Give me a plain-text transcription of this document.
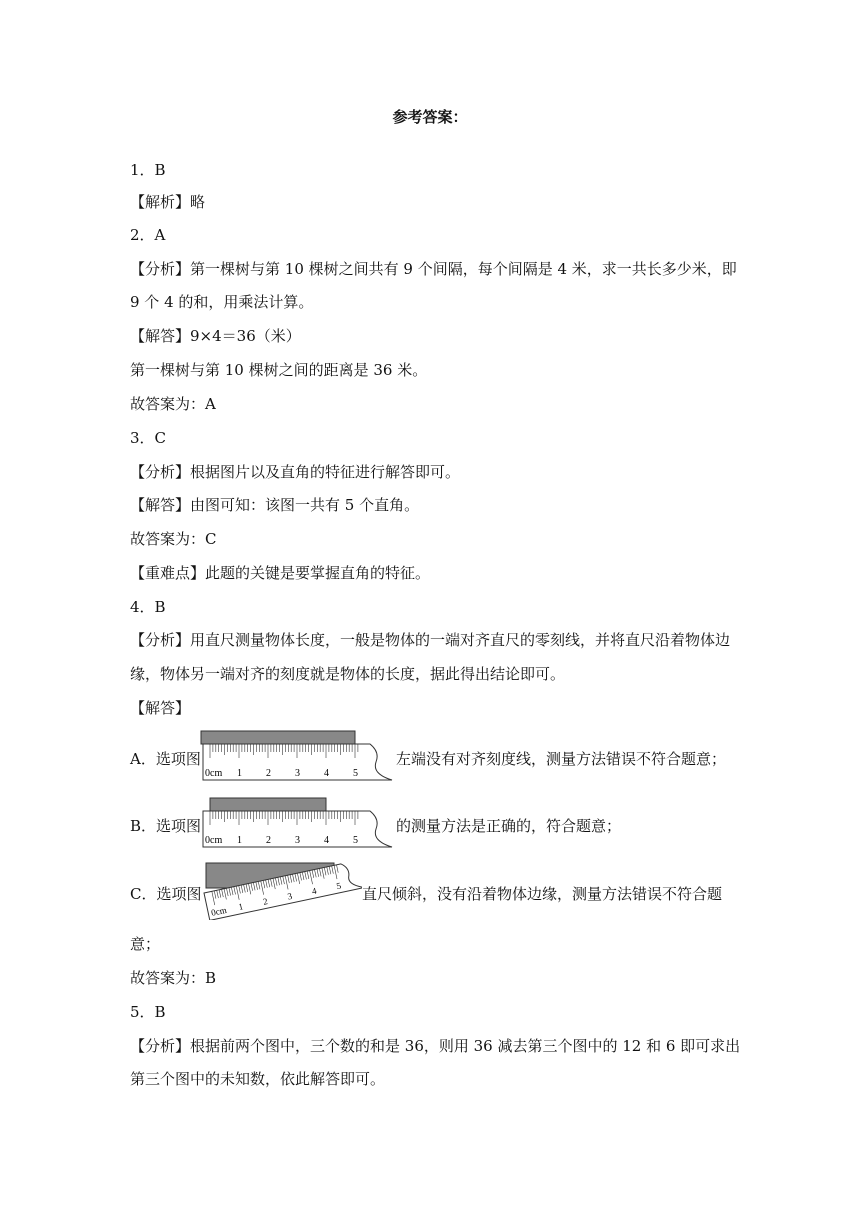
参考答案：
1．B
【解析】略
2．A
【分析】第一棵树与第 10 棵树之间共有 9 个间隔，每个间隔是 4 米，求一共长多少米，即
9 个 4 的和，用乘法计算。
【解答】9×4＝36（米）
第一棵树与第 10 棵树之间的距离是 36 米。
故答案为：A
3．C
【分析】根据图片以及直角的特征进行解答即可。
【解答】由图可知：该图一共有 5 个直角。
故答案为：C
【重难点】此题的关键是要掌握直角的特征。
4．B
【分析】用直尺测量物体长度，一般是物体的一端对齐直尺的零刻线，并将直尺沿着物体边
缘，物体另一端对齐的刻度就是物体的长度，据此得出结论即可。
【解答】
A．选项图
0cm 1 2 3 4 5
左端没有对齐刻度线，测量方法错误不符合题意；
B．选项图
0cm 1 2 3 4 5
的测量方法是正确的，符合题意；
C．选项图
0cm 1 2 3 4 5 直尺倾斜，没有沿着物体边缘，测量方法错误不符合题
意；
故答案为：B
5．B
【分析】根据前两个图中，三个数的和是 36，则用 36 减去第三个图中的 12 和 6 即可求出
第三个图中的未知数，依此解答即可。
